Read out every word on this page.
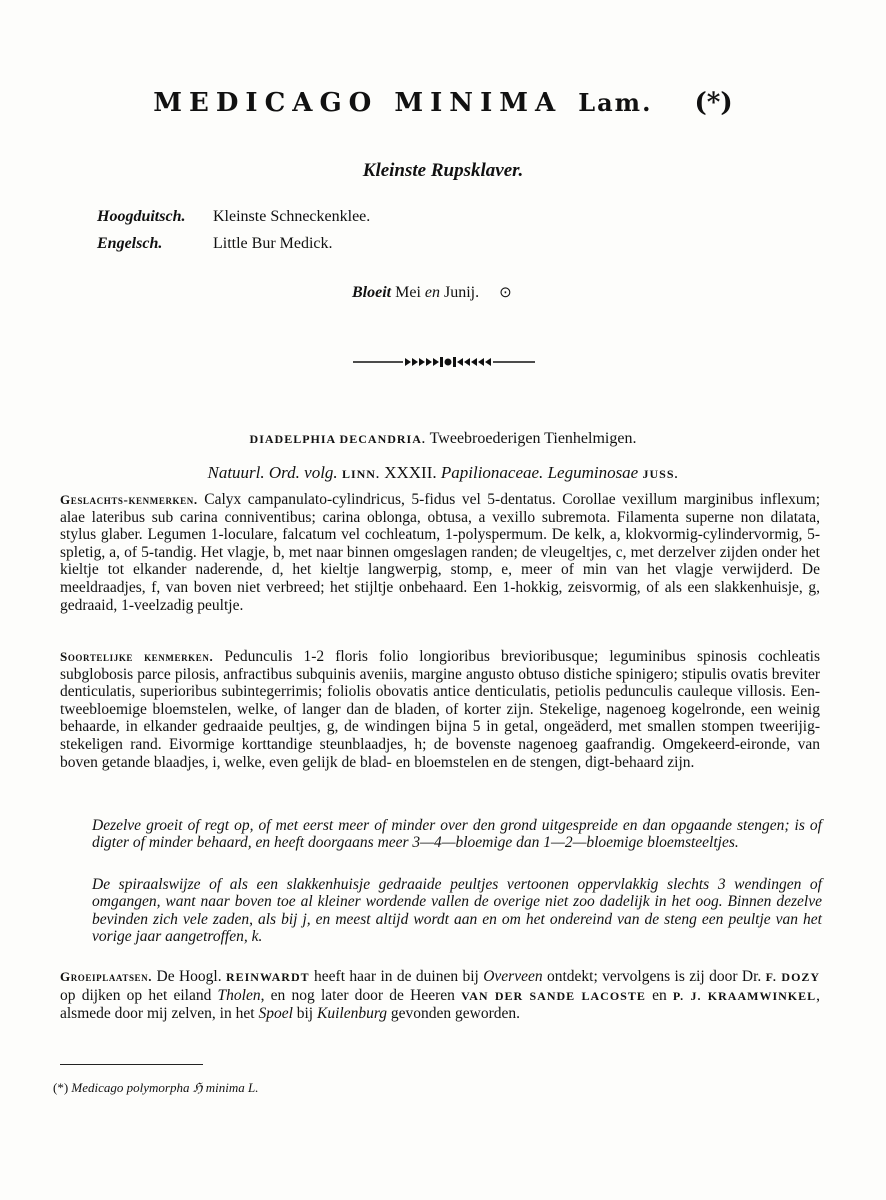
MEDICAGO MINIMA Lam. (*)
Kleinste Rupsklaver.
Hoogduitsch.	Kleinste Schneckenklee.
Engelsch.	Little Bur Medick.
Bloeit Mei en Junij. ⊙
DIADELPHIA DECANDRIA. Tweebroederigen Tienhelmigen.
Natuurl. Ord. volg. LINN. XXXII. Papilionaceae. Leguminosae JUSS.
Geslachts-kenmerken. Calyx campanulato-cylindricus, 5-fidus vel 5-dentatus. Corollae vexillum marginibus inflexum; alae lateribus sub carina conniventibus; carina oblonga, obtusa, a vexillo subremota. Filamenta superne non dilatata, stylus glaber. Legumen 1-loculare, falcatum vel cochleatum, 1-polyspermum. De kelk, a, klokvormig-cylindervormig, 5-spletig, a, of 5-tandig. Het vlagje, b, met naar binnen omgeslagen randen; de vleugeltjes, c, met derzelver zijden onder het kieltje tot elkander naderende, d, het kieltje langwerpig, stomp, e, meer of min van het vlagje verwijderd. De meeldraadjes, f, van boven niet verbreed; het stijltje onbehaard. Een 1-hokkig, zeisvormig, of als een slakkenhuisje, g, gedraaid, 1-veelzadig peultje.
Soortelijke kenmerken. Pedunculis 1-2 floris folio longioribus brevioribusque; leguminibus spinosis cochleatis subglobosis parce pilosis, anfractibus subquinis aveniis, margine angusto obtuso distiche spinigero; stipulis ovatis breviter denticulatis, superioribus subintegerrimis; foliolis obovatis antice denticulatis, petiolis pedunculis cauleque villosis. Een-tweebloemige bloemstelen, welke, of langer dan de bladen, of korter zijn. Stekelige, nagenoeg kogelronde, een weinig behaarde, in elkander gedraaide peultjes, g, de windingen bijna 5 in getal, ongeäderd, met smallen stompen tweerijig-stekeligen rand. Eivormige korttandige steunblaadjes, h; de bovenste nagenoeg gaafrandig. Omgekeerd-eironde, van boven getande blaadjes, i, welke, even gelijk de blad- en bloemstelen en de stengen, digt-behaard zijn.
Dezelve groeit of regt op, of met eerst meer of minder over den grond uitgespreide en dan opgaande stengen; is of digter of minder behaard, en heeft doorgaans meer 3—4—bloemige dan 1—2—bloemige bloemsteeltjes.
De spiraalswijze of als een slakkenhuisje gedraaide peultjes vertoonen oppervlakkig slechts 3 wendingen of omgangen, want naar boven toe al kleiner wordende vallen de overige niet zoo dadelijk in het oog. Binnen dezelve bevinden zich vele zaden, als bij j, en meest altijd wordt aan en om het ondereind van de steng een peultje van het vorige jaar aangetroffen, k.
Groeiplaatsen. De Hoogl. REINWARDT heeft haar in de duinen bij Overveen ontdekt; vervolgens is zij door Dr. F. DOZY op dijken op het eiland Tholen, en nog later door de Heeren VAN DER SANDE LACOSTE en P. J. KRAAMWINKEL, alsmede door mij zelven, in het Spoel bij Kuilenburg gevonden geworden.
(*) Medicago polymorpha ℌ minima L.
